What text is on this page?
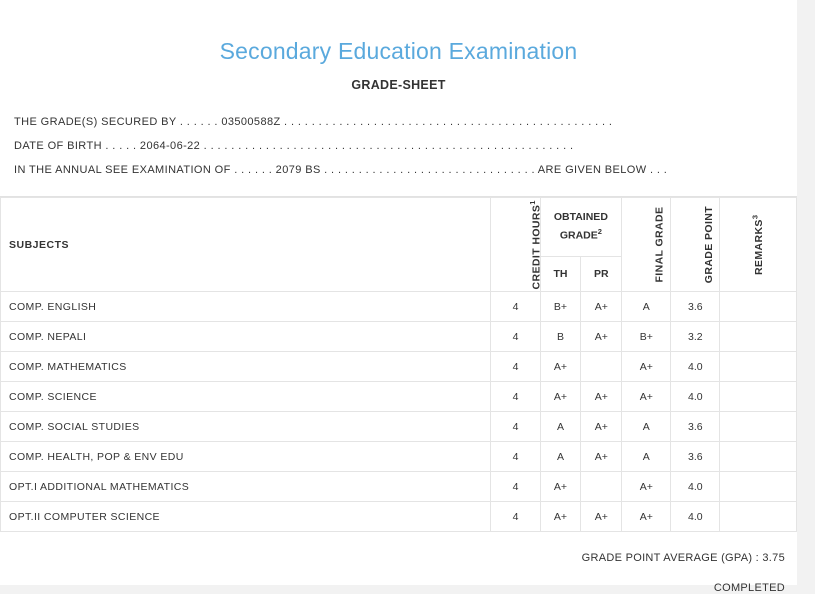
Secondary Education Examination
GRADE-SHEET
THE GRADE(S) SECURED BY . . . . . . 03500588Z . . . . . . . . . . . . . . . . . . . . . . . . . . . . . . . . . . . . . . . . . . . . . . . .
DATE OF BIRTH . . . . . 2064-06-22 . . . . . . . . . . . . . . . . . . . . . . . . . . . . . . . . . . . . . . . . . . . . . . . . . . . . . .
IN THE ANNUAL SEE EXAMINATION OF . . . . . . 2079 BS . . . . . . . . . . . . . . . . . . . . . . . . . . . . . . . ARE GIVEN BELOW . . .
SUBJECTS	CREDIT HOURS$^1$	OBTAINED GRADE$^2$		FINAL GRADE	GRADE POINT	REMARKS$^3$
		TH	PR			
COMP. ENGLISH	4	B+	A+	A	3.6	
COMP. NEPALI	4	B	A+	B+	3.2	
COMP. MATHEMATICS	4	A+		A+	4.0	
COMP. SCIENCE	4	A+	A+	A+	4.0	
COMP. SOCIAL STUDIES	4	A	A+	A	3.6	
COMP. HEALTH, POP & ENV EDU	4	A	A+	A	3.6	
OPT.I ADDITIONAL MATHEMATICS	4	A+		A+	4.0	
OPT.II COMPUTER SCIENCE	4	A+	A+	A+	4.0	
GRADE POINT AVERAGE (GPA) : 3.75
COMPLETED
